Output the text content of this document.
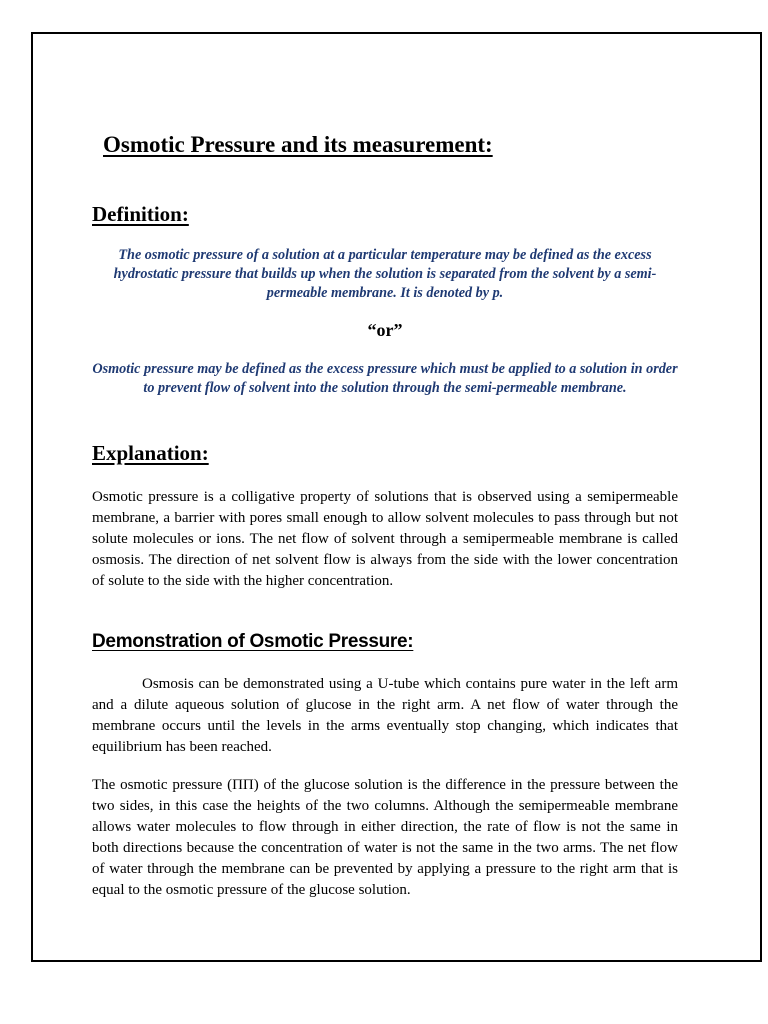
Osmotic Pressure and its measurement:
Definition:

The osmotic pressure of a solution at a particular temperature may be defined as the excess hydrostatic pressure that builds up when the solution is separated from the solvent by a semi-permeable membrane. It is denoted by p.

“or”

Osmotic pressure may be defined as the excess pressure which must be applied to a solution in order to prevent flow of solvent into the solution through the semi-permeable membrane.

Explanation:

Osmotic pressure is a colligative property of solutions that is observed using a semipermeable membrane, a barrier with pores small enough to allow solvent molecules to pass through but not solute molecules or ions. The net flow of solvent through a semipermeable membrane is called osmosis. The direction of net solvent flow is always from the side with the lower concentration of solute to the side with the higher concentration.

Demonstration of Osmotic Pressure:

Osmosis can be demonstrated using a U-tube which contains pure water in the left arm and a dilute aqueous solution of glucose in the right arm. A net flow of water through the membrane occurs until the levels in the arms eventually stop changing, which indicates that equilibrium has been reached.

The osmotic pressure (ΠΠ) of the glucose solution is the difference in the pressure between the two sides, in this case the heights of the two columns. Although the semipermeable membrane allows water molecules to flow through in either direction, the rate of flow is not the same in both directions because the concentration of water is not the same in the two arms. The net flow of water through the membrane can be prevented by applying a pressure to the right arm that is equal to the osmotic pressure of the glucose solution.
